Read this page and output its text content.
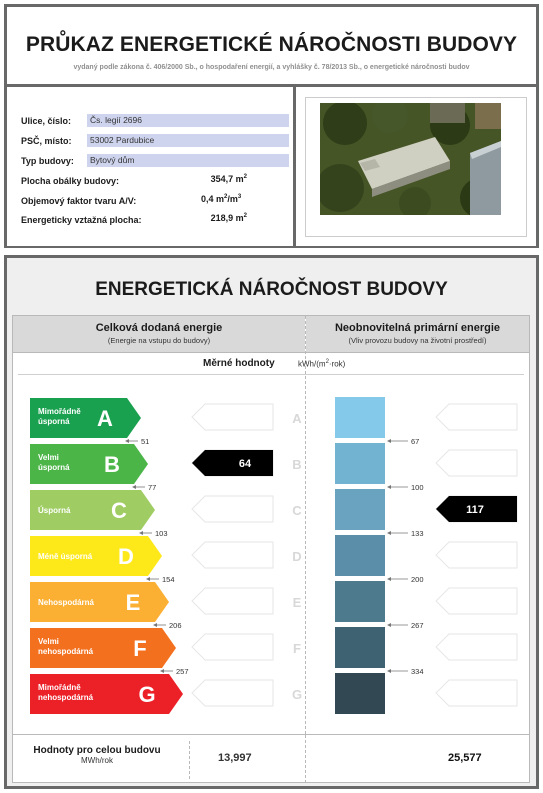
PRŮKAZ ENERGETICKÉ NÁROČNOSTI BUDOVY
vydaný podle zákona č. 406/2000 Sb., o hospodaření energií, a vyhlášky č. 78/2013 Sb., o energetické náročnosti budov
Ulice, číslo:	Čs. legií 2696
PSČ, místo:	53002 Pardubice
Typ budovy:	Bytový dům
Plocha obálky budovy:	354,7 $m^2$
Objemový faktor tvaru A/V:	0,4 $m^2/m^3$
Energeticky vztažná plocha:	218,9 $m^2$
ENERGETICKÁ NÁROČNOST BUDOVY
Celková dodaná energie
(Energie na vstupu do budovy)
Neobnovitelná primární energie
(Vliv provozu budovy na životní prostředí)
Měrné hodnoty	kWh/$(m^2\cdot rok)$
Mimořádně
úsporná A	A
Velmi
úsporná B	B
Úsporná C	C
Méně úsporná D	D
Nehospodárná E	E
Velmi
nehospodárná F	F
Mimořádně
nehospodárná G	G
51
77
103
154
206
257
67
100
133
200
267
334
64
117
Hodnoty pro celou budovu
MWh/rok	13,997	25,577
